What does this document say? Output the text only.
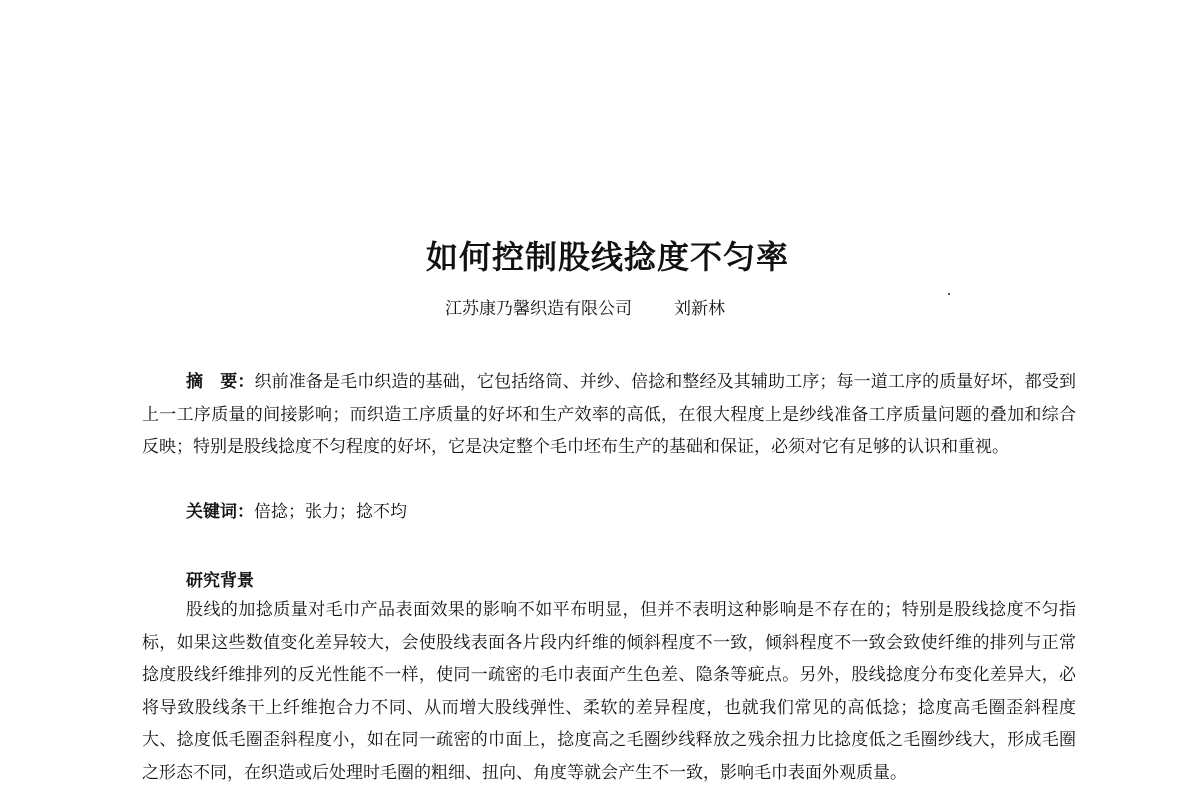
如何控制股线捻度不匀率
江苏康乃馨织造有限公司 刘新林

摘　要：织前准备是毛巾织造的基础，它包括络筒、并纱、倍捻和整经及其辅助工序；每一道工序的质量好坏，都受到上一工序质量的间接影响；而织造工序质量的好坏和生产效率的高低，在很大程度上是纱线准备工序质量问题的叠加和综合反映；特别是股线捻度不匀程度的好坏，它是决定整个毛巾坯布生产的基础和保证，必须对它有足够的认识和重视。

关键词：倍捻；张力；捻不均
研究背景

股线的加捻质量对毛巾产品表面效果的影响不如平布明显，但并不表明这种影响是不存在的；特别是股线捻度不匀指标，如果这些数值变化差异较大，会使股线表面各片段内纤维的倾斜程度不一致，倾斜程度不一致会致使纤维的排列与正常捻度股线纤维排列的反光性能不一样，使同一疏密的毛巾表面产生色差、隐条等疵点。另外，股线捻度分布变化差异大，必将导致股线条干上纤维抱合力不同、从而增大股线弹性、柔软的差异程度，也就我们常见的高低捻；捻度高毛圈歪斜程度大、捻度低毛圈歪斜程度小，如在同一疏密的巾面上，捻度高之毛圈纱线释放之残余扭力比捻度低之毛圈纱线大，形成毛圈之形态不同，在织造或后处理时毛圈的粗细、扭向、角度等就会产生不一致，影响毛巾表面外观质量。
